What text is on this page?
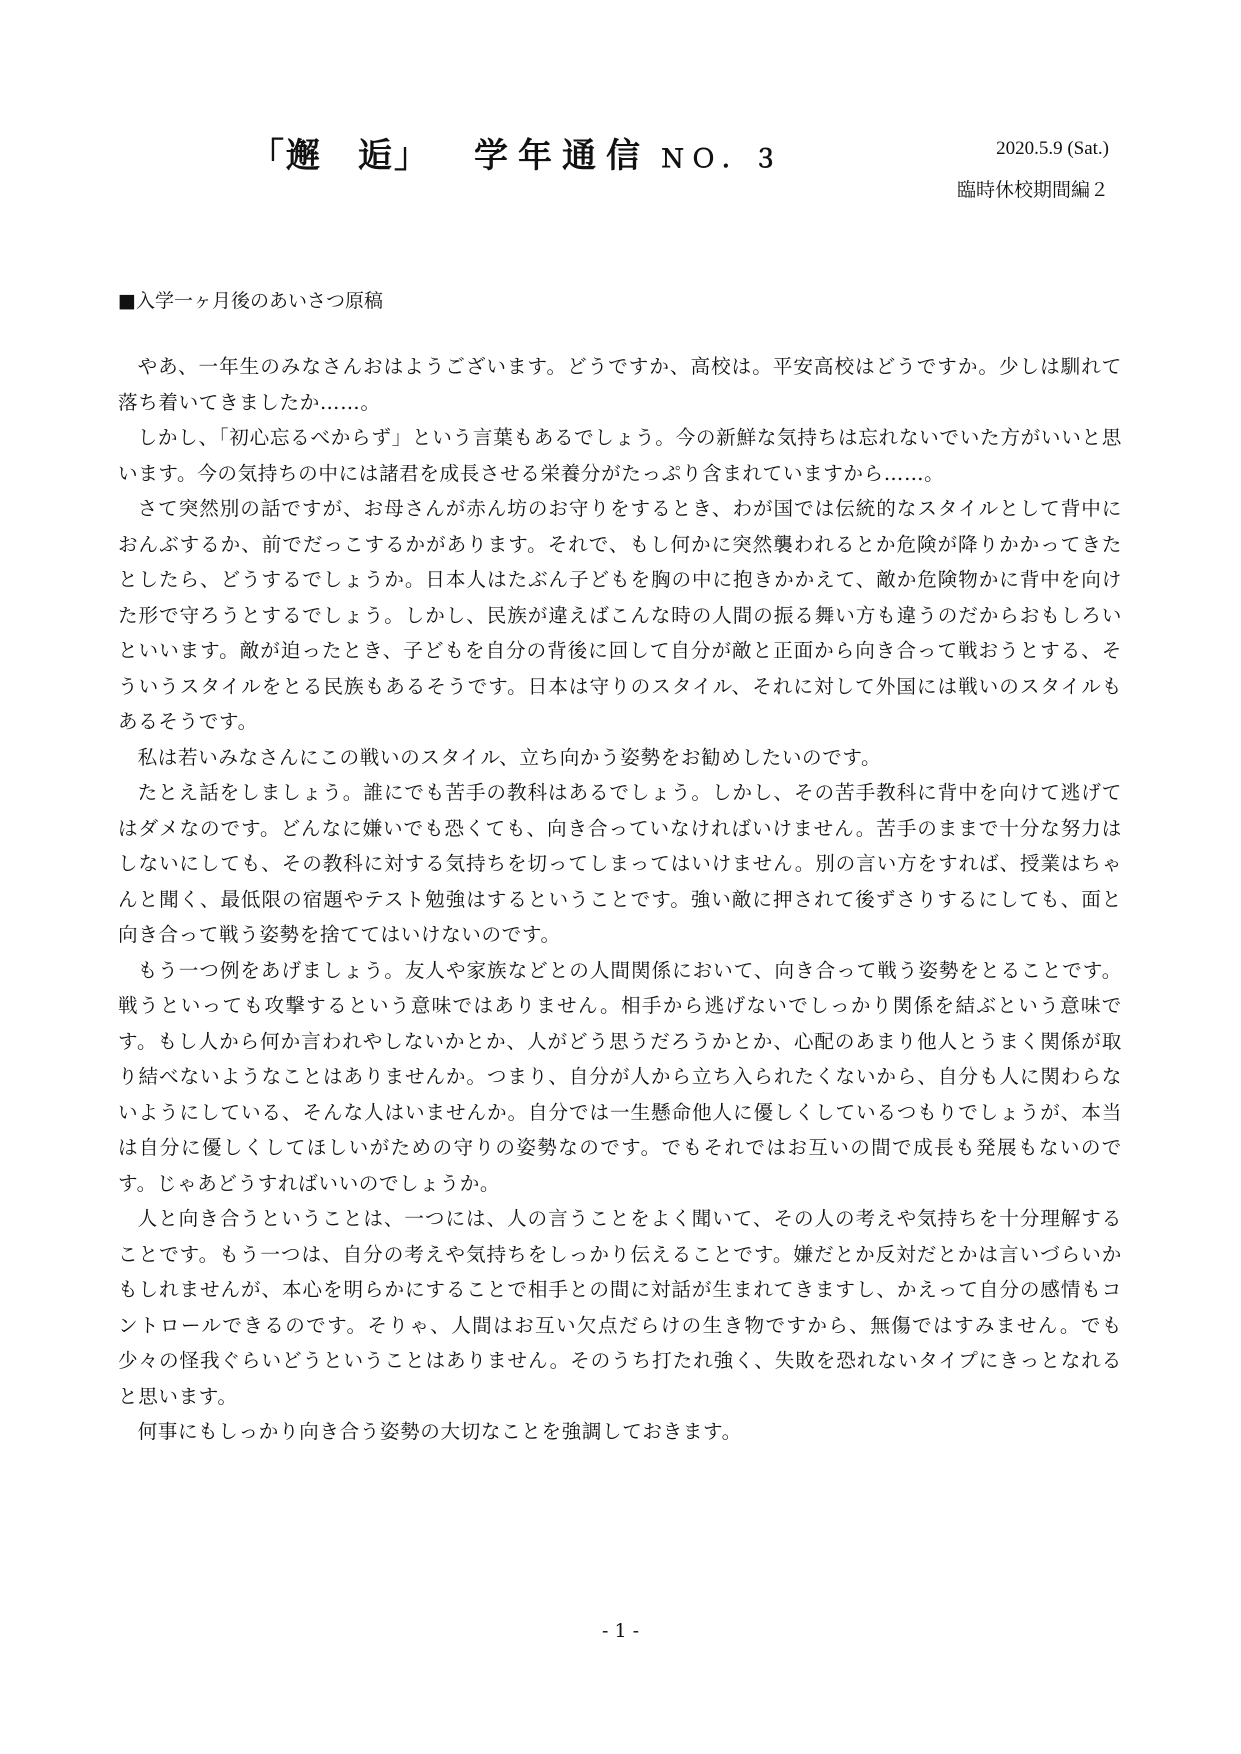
「邂　逅」 学年通信 ＮＯ．３	2020.5.9 (Sat.)
臨時休校期間編２
■入学一ヶ月後のあいさつ原稿

やあ、一年生のみなさんおはようございます。どうですか、高校は。平安高校はどうですか。少しは馴れて落ち着いてきましたか……。

しかし、「初心忘るべからず」という言葉もあるでしょう。今の新鮮な気持ちは忘れないでいた方がいいと思います。今の気持ちの中には諸君を成長させる栄養分がたっぷり含まれていますから……。

さて突然別の話ですが、お母さんが赤ん坊のお守りをするとき、わが国では伝統的なスタイルとして背中におんぶするか、前でだっこするかがあります。それで、もし何かに突然襲われるとか危険が降りかかってきたとしたら、どうするでしょうか。日本人はたぶん子どもを胸の中に抱きかかえて、敵か危険物かに背中を向けた形で守ろうとするでしょう。しかし、民族が違えばこんな時の人間の振る舞い方も違うのだからおもしろいといいます。敵が迫ったとき、子どもを自分の背後に回して自分が敵と正面から向き合って戦おうとする、そういうスタイルをとる民族もあるそうです。日本は守りのスタイル、それに対して外国には戦いのスタイルもあるそうです。

私は若いみなさんにこの戦いのスタイル、立ち向かう姿勢をお勧めしたいのです。

たとえ話をしましょう。誰にでも苦手の教科はあるでしょう。しかし、その苦手教科に背中を向けて逃げてはダメなのです。どんなに嫌いでも恐くても、向き合っていなければいけません。苦手のままで十分な努力はしないにしても、その教科に対する気持ちを切ってしまってはいけません。別の言い方をすれば、授業はちゃんと聞く、最低限の宿題やテスト勉強はするということです。強い敵に押されて後ずさりするにしても、面と向き合って戦う姿勢を捨ててはいけないのです。

もう一つ例をあげましょう。友人や家族などとの人間関係において、向き合って戦う姿勢をとることです。戦うといっても攻撃するという意味ではありません。相手から逃げないでしっかり関係を結ぶという意味です。もし人から何か言われやしないかとか、人がどう思うだろうかとか、心配のあまり他人とうまく関係が取り結べないようなことはありませんか。つまり、自分が人から立ち入られたくないから、自分も人に関わらないようにしている、そんな人はいませんか。自分では一生懸命他人に優しくしているつもりでしょうが、本当は自分に優しくしてほしいがための守りの姿勢なのです。でもそれではお互いの間で成長も発展もないのです。じゃあどうすればいいのでしょうか。

人と向き合うということは、一つには、人の言うことをよく聞いて、その人の考えや気持ちを十分理解することです。もう一つは、自分の考えや気持ちをしっかり伝えることです。嫌だとか反対だとかは言いづらいかもしれませんが、本心を明らかにすることで相手との間に対話が生まれてきますし、かえって自分の感情もコントロールできるのです。そりゃ、人間はお互い欠点だらけの生き物ですから、無傷ではすみません。でも少々の怪我ぐらいどうということはありません。そのうち打たれ強く、失敗を恐れないタイプにきっとなれると思います。

何事にもしっかり向き合う姿勢の大切なことを強調しておきます。

- 1 -
